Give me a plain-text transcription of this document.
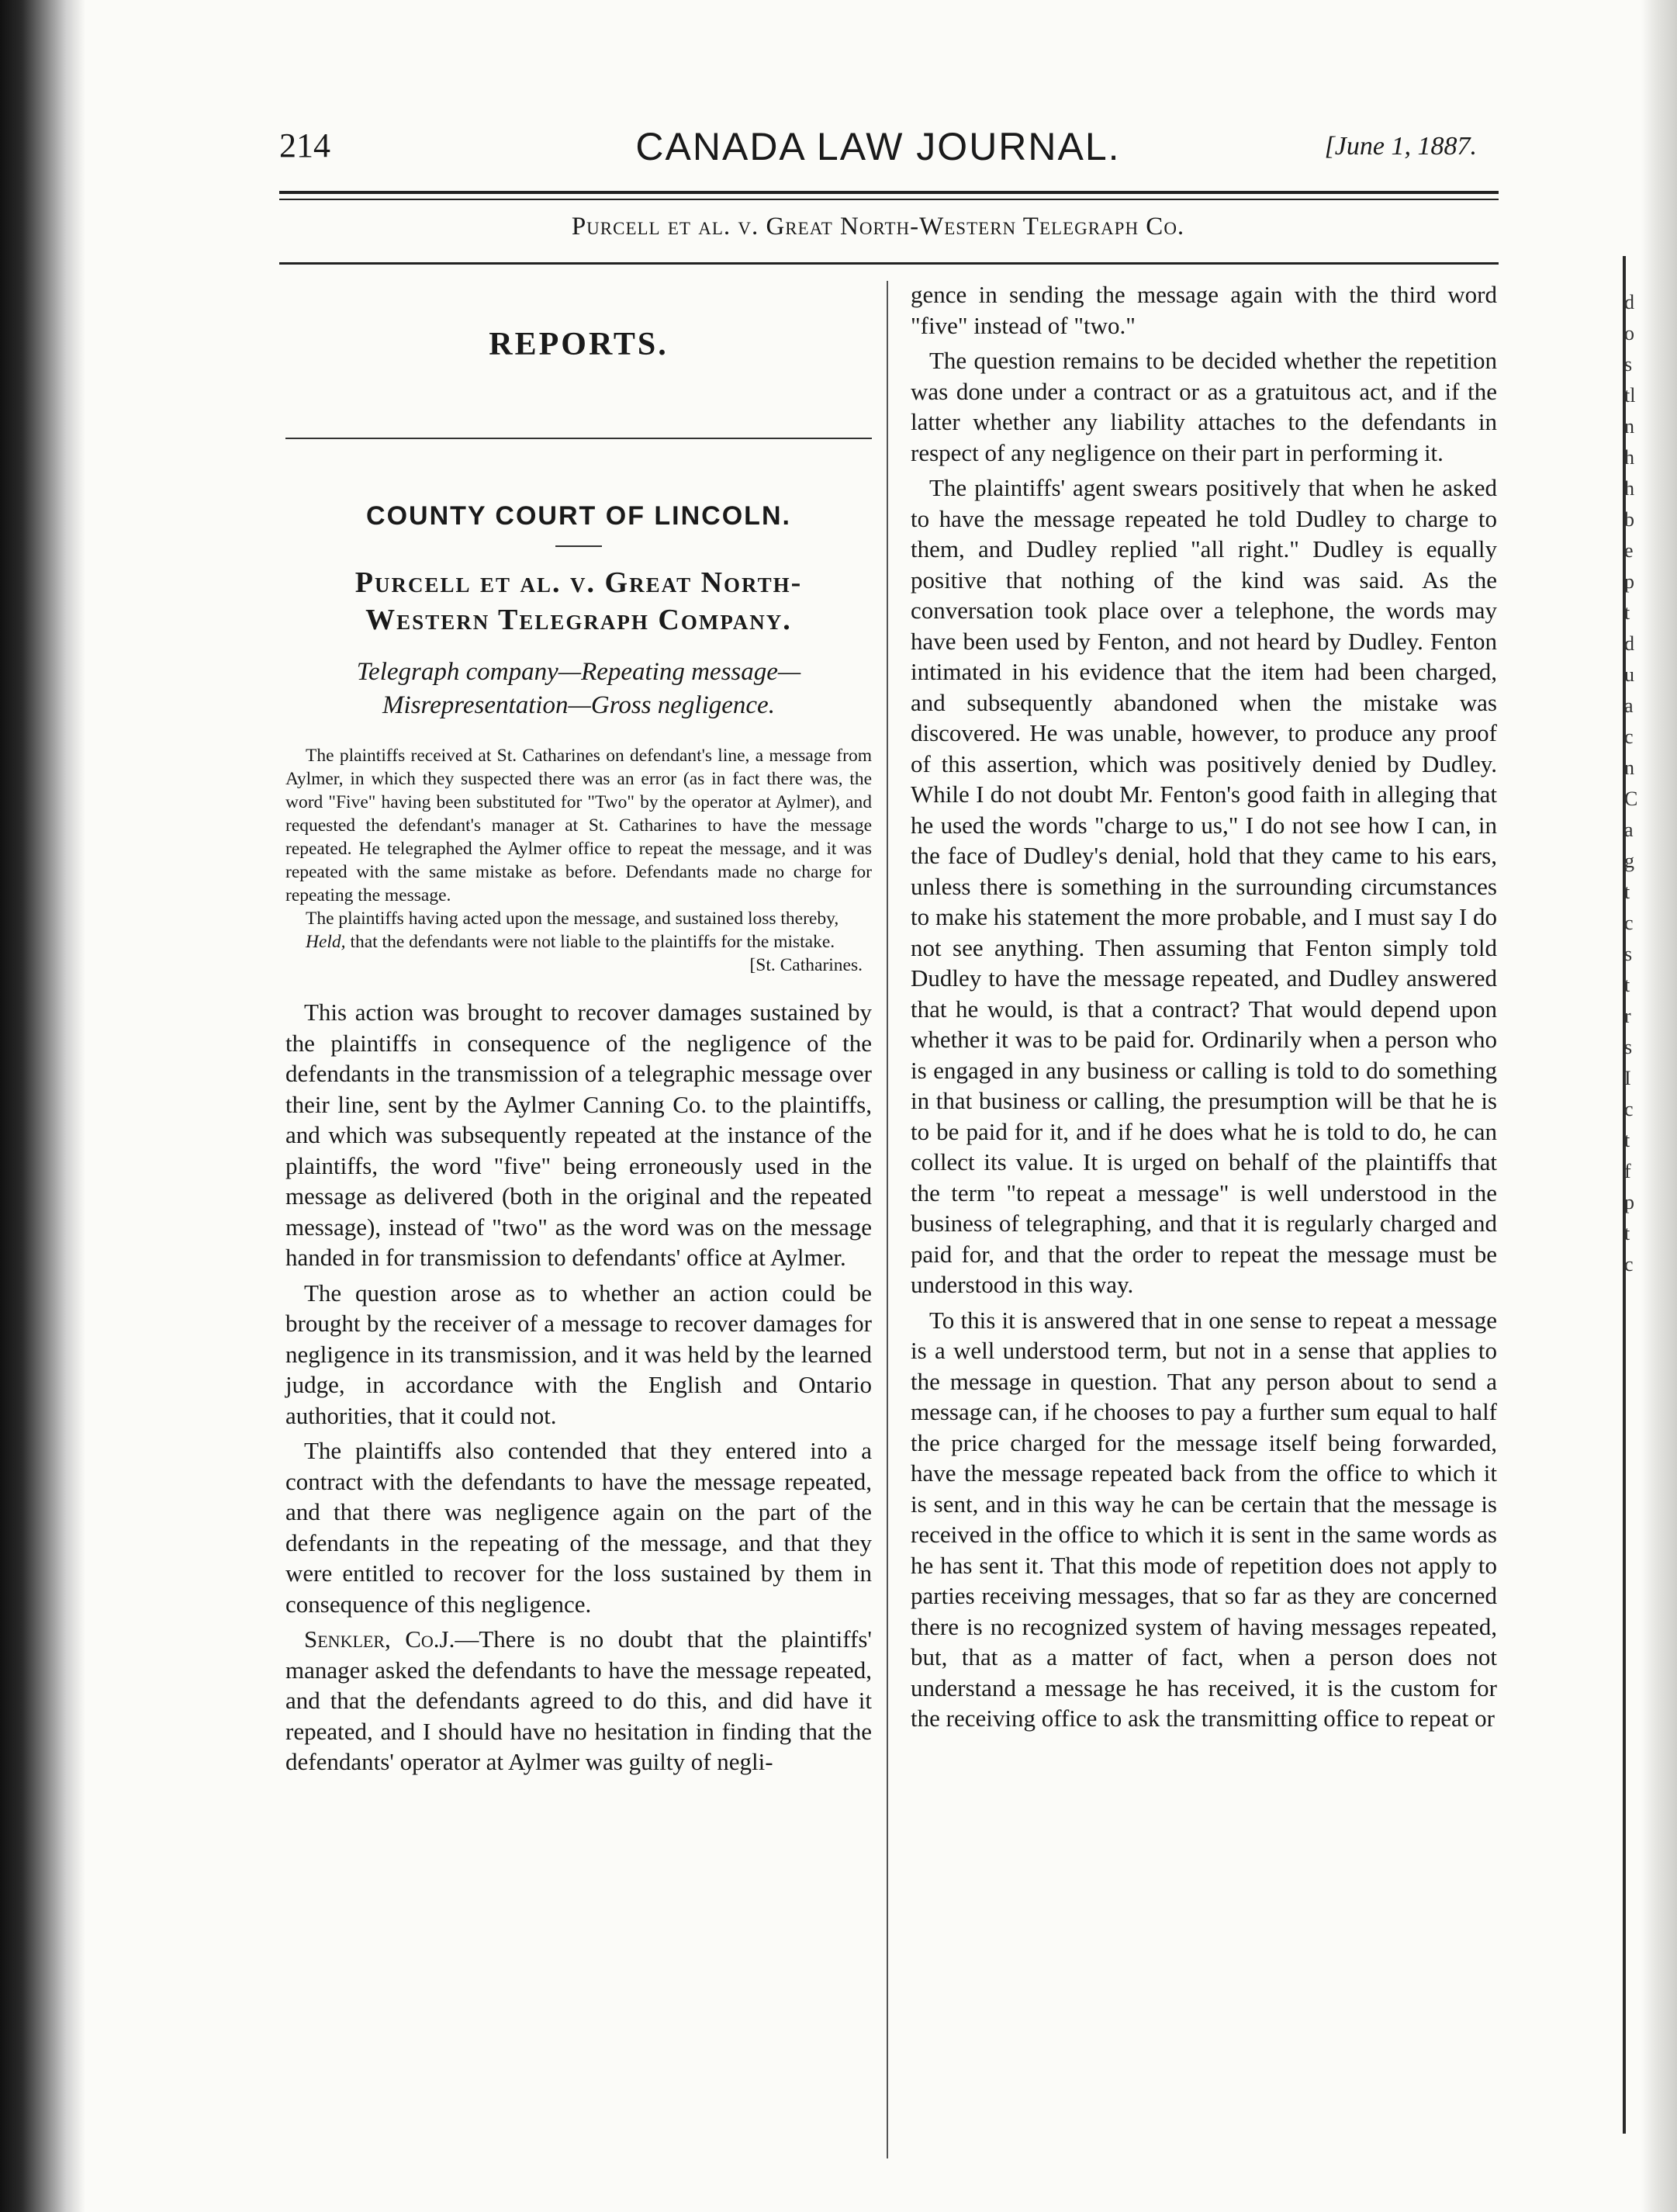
214	CANADA LAW JOURNAL.	[June 1, 1887.
Purcell et al. v. Great North-Western Telegraph Co.
REPORTS.
COUNTY COURT OF LINCOLN.
Purcell et al. v. Great North-Western Telegraph Company.
Telegraph company—Repeating message—Misrepresentation—Gross negligence.

The plaintiffs received at St. Catharines on defendant's line, a message from Aylmer, in which they suspected there was an error (as in fact there was, the word "Five" having been substituted for "Two" by the operator at Aylmer), and requested the defendant's manager at St. Catharines to have the message repeated. He telegraphed the Aylmer office to repeat the message, and it was repeated with the same mistake as before. Defendants made no charge for repeating the message.

The plaintiffs having acted upon the message, and sustained loss thereby,

Held, that the defendants were not liable to the plaintiffs for the mistake.

[St. Catharines.

This action was brought to recover damages sustained by the plaintiffs in consequence of the negligence of the defendants in the transmission of a telegraphic message over their line, sent by the Aylmer Canning Co. to the plaintiffs, and which was subsequently repeated at the instance of the plaintiffs, the word "five" being erroneously used in the message as delivered (both in the original and the repeated message), instead of "two" as the word was on the message handed in for transmission to defendants' office at Aylmer.

The question arose as to whether an action could be brought by the receiver of a message to recover damages for negligence in its transmission, and it was held by the learned judge, in accordance with the English and Ontario authorities, that it could not.

The plaintiffs also contended that they entered into a contract with the defendants to have the message repeated, and that there was negligence again on the part of the defendants in the repeating of the message, and that they were entitled to recover for the loss sustained by them in consequence of this negligence.

Senkler, Co.J.—There is no doubt that the plaintiffs' manager asked the defendants to have the message repeated, and that the defendants agreed to do this, and did have it repeated, and I should have no hesitation in finding that the defendants' operator at Aylmer was guilty of negli-

gence in sending the message again with the third word "five" instead of "two."

The question remains to be decided whether the repetition was done under a contract or as a gratuitous act, and if the latter whether any liability attaches to the defendants in respect of any negligence on their part in performing it.

The plaintiffs' agent swears positively that when he asked to have the message repeated he told Dudley to charge to them, and Dudley replied "all right." Dudley is equally positive that nothing of the kind was said. As the conversation took place over a telephone, the words may have been used by Fenton, and not heard by Dudley. Fenton intimated in his evidence that the item had been charged, and subsequently abandoned when the mistake was discovered. He was unable, however, to produce any proof of this assertion, which was positively denied by Dudley. While I do not doubt Mr. Fenton's good faith in alleging that he used the words "charge to us," I do not see how I can, in the face of Dudley's denial, hold that they came to his ears, unless there is something in the surrounding circumstances to make his statement the more probable, and I must say I do not see anything. Then assuming that Fenton simply told Dudley to have the message repeated, and Dudley answered that he would, is that a contract? That would depend upon whether it was to be paid for. Ordinarily when a person who is engaged in any business or calling is told to do something in that business or calling, the presumption will be that he is to be paid for it, and if he does what he is told to do, he can collect its value. It is urged on behalf of the plaintiffs that the term "to repeat a message" is well understood in the business of telegraphing, and that it is regularly charged and paid for, and that the order to repeat the message must be understood in this way.

To this it is answered that in one sense to repeat a message is a well understood term, but not in a sense that applies to the message in question. That any person about to send a message can, if he chooses to pay a further sum equal to half the price charged for the message itself being forwarded, have the message repeated back from the office to which it is sent, and in this way he can be certain that the message is received in the office to which it is sent in the same words as he has sent it. That this mode of repetition does not apply to parties receiving messages, that so far as they are concerned there is no recognized system of having messages repeated, but, that as a matter of fact, when a person does not understand a message he has received, it is the custom for the receiving office to ask the transmitting office to repeat or

d
o
s
tl
n
h
h
b
e
p
t
d
u
a
c
n
C
a
g
t
c
s
t
r
s
I
c
t
f
p
t
c
